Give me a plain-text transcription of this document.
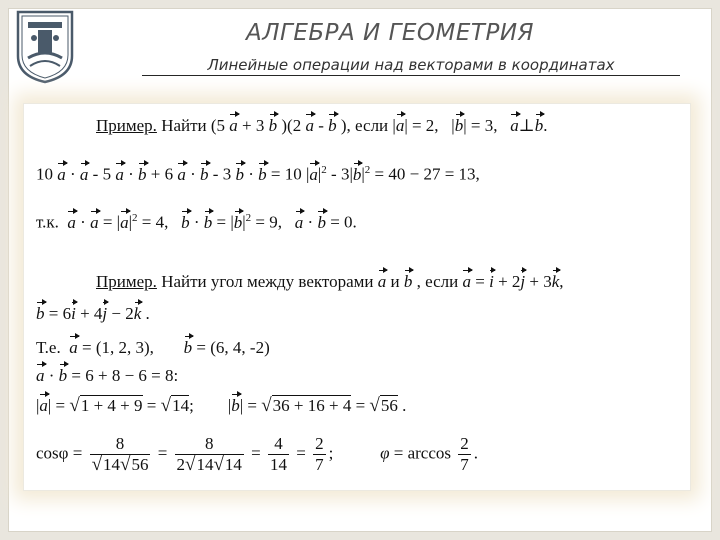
АЛГЕБРА И ГЕОМЕТРИЯ
Линейные операции над векторами в координатах
Пример. Найти (5 a + 3 b )(2 a - b ), если |a| = 2,   |b| = 3,   a⊥b.
10 a · a - 5 a · b + 6 a · b - 3 b · b = 10 $|a|^2 - 3|b|^2 = 40 - 27 = 13$,
т.к.  $a \cdot a = |a|^2 = 4$,   $b \cdot b = |b|^2 = 9$,   a · b = 0.
Пример. Найти угол между векторами a и b , если a = i + 2j + 3k,
b = 6i + 4j − 2k .
Т.е.  a = (1, 2, 3),       b = (6, 4, -2)
a · b = 6 + 8 − 6 = 8:
|a| = √1 + 4 + 9 = √14;        |b| = √36 + 16 + 4 = √56 .
$\cos\varphi = \frac{8}{√14√56} = \frac{8}{2√14√14} = \frac{4}{14} = \frac{2}{7}$ ;           $\varphi = \arccos \frac{2}{7}$ .
